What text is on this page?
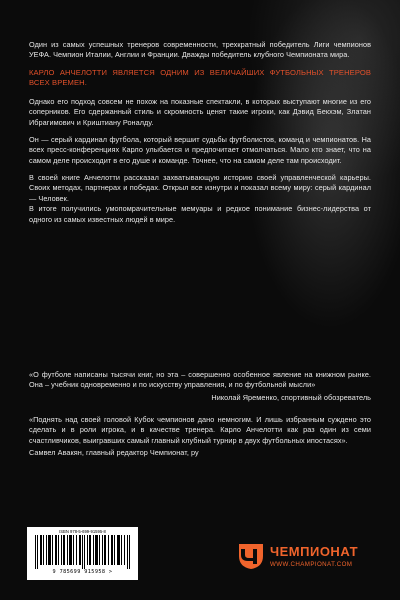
Один из самых успешных тренеров современности, трехкратный победитель Лиги чемпионов УЕФА. Чемпион Италии, Англии и Франции. Дважды победитель клубного Чемпионата мира.

КАРЛО АНЧЕЛОТТИ ЯВЛЯЕТСЯ ОДНИМ ИЗ ВЕЛИЧАЙШИХ ФУТБОЛЬНЫХ ТРЕНЕРОВ ВСЕХ ВРЕМЕН.

Однако его подход совсем не похож на показные спектакли, в которых выступают многие из его соперников. Его сдержанный стиль и скромность ценят такие игроки, как Дэвид Бекхэм, Златан Ибрагимович и Криштиану Роналду.

Он — серый кардинал футбола, который вершит судьбы футболистов, команд и чемпионатов. На всех пресс-конференциях Карло улыбается и предпочитает отмолчаться. Мало кто знает, что на самом деле происходит в его душе и команде. Точнее, что на самом деле там происходит.

В своей книге Анчелотти рассказал захватывающую историю своей управленческой карьеры. Своих методах, партнерах и победах. Открыл все изнутри и показал всему миру: серый кардинал — Человек.

В итоге получились умопомрачительные мемуары и редкое понимание бизнес-лидерства от одного из самых известных людей в мире.

«О футболе написаны тысячи книг, но эта – совершенно особенное явление на книжном рынке. Она – учебник одновременно и по искусству управления, и по футбольной мысли»

Николай Яременко, спортивный обозреватель

«Поднять над своей головой Кубок чемпионов дано немногим. И лишь избранным суждено это сделать и в роли игрока, и в качестве тренера. Карло Анчелотти как раз один из семи счастливчиков, выигравших самый главный клубный турнир в двух футбольных ипостасях».

Самвел Авакян, главный редактор Чемпионат, ру

ISBN 978-5-699-91595-8
9 785699 915958 >
ЧЕМПИОНАТ
WWW.CHAMPIONAT.COM
